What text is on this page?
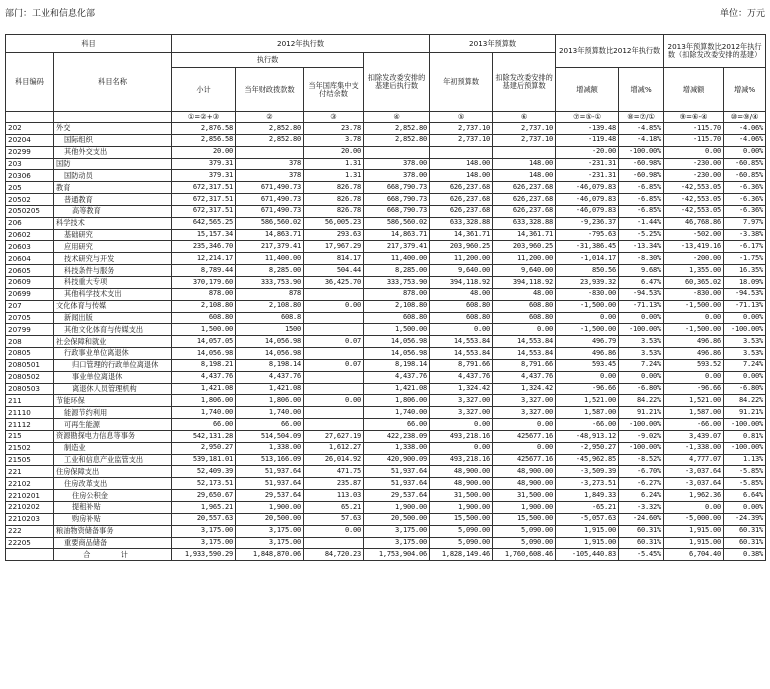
部门：工业和信息化部	单位：万元
科目		2012年执行数				2013年预算数		2013年预算数比2012年执行数		2013年预算数比2012年执行数（扣除发改委安排的基建）	
科目编码	科目名称	执行数			扣除发改委安排的基建后执行数	年初预算数	扣除发改委安排的基建后预算数				
		小计	当年财政拨款数	当年国库集中支付结余数				增减额	增减%	增减额	增减%
		①=②+③	②	③	④	⑤	⑥	⑦=⑤-①	⑧=⑦/①	⑨=⑥-④	⑩=⑨/④
202	外交	2,876.58	2,852.80	23.78	2,852.80	2,737.10	2,737.10	-139.48	-4.85%	-115.70	-4.06%
20204	国际组织	2,856.58	2,852.80	3.78	2,852.80	2,737.10	2,737.10	-119.48	-4.18%	-115.70	-4.06%
20299	其他外交支出	20.00		20.00				-20.00	-100.00%	0.00	0.00%
203	国防	379.31	378	1.31	378.00	148.00	148.00	-231.31	-60.98%	-230.00	-60.85%
20306	国防动员	379.31	378	1.31	378.00	148.00	148.00	-231.31	-60.98%	-230.00	-60.85%
205	教育	672,317.51	671,490.73	826.78	668,790.73	626,237.68	626,237.68	-46,079.83	-6.85%	-42,553.05	-6.36%
20502	普通教育	672,317.51	671,490.73	826.78	668,790.73	626,237.68	626,237.68	-46,079.83	-6.85%	-42,553.05	-6.36%
2050205	高等教育	672,317.51	671,490.73	826.78	668,790.73	626,237.68	626,237.68	-46,079.83	-6.85%	-42,553.05	-6.36%
206	科学技术	642,565.25	586,560.02	56,005.23	586,560.02	633,328.88	633,328.88	-9,236.37	-1.44%	46,768.86	7.97%
20602	基础研究	15,157.34	14,863.71	293.63	14,863.71	14,361.71	14,361.71	-795.63	-5.25%	-502.00	-3.38%
20603	应用研究	235,346.70	217,379.41	17,967.29	217,379.41	203,960.25	203,960.25	-31,386.45	-13.34%	-13,419.16	-6.17%
20604	技术研究与开发	12,214.17	11,400.00	814.17	11,400.00	11,200.00	11,200.00	-1,014.17	-8.30%	-200.00	-1.75%
20605	科技条件与服务	8,789.44	8,285.00	504.44	8,285.00	9,640.00	9,640.00	850.56	9.68%	1,355.00	16.35%
20609	科技重大专项	370,179.60	333,753.90	36,425.70	333,753.90	394,118.92	394,118.92	23,939.32	6.47%	60,365.02	18.09%
20699	其他科学技术支出	878.00	878		878.00	48.00	48.00	-830.00	-94.53%	-830.00	-94.53%
207	文化体育与传媒	2,108.80	2,108.80	0.00	2,108.80	608.80	608.80	-1,500.00	-71.13%	-1,500.00	-71.13%
20705	新闻出版	608.80	608.8		608.80	608.80	608.80	0.00	0.00%	0.00	0.00%
20799	其他文化体育与传媒支出	1,500.00	1500		1,500.00	0.00	0.00	-1,500.00	-100.00%	-1,500.00	-100.00%
208	社会保障和就业	14,057.05	14,056.98	0.07	14,056.98	14,553.84	14,553.84	496.79	3.53%	496.86	3.53%
20805	行政事业单位离退休	14,056.98	14,056.98		14,056.98	14,553.84	14,553.84	496.86	3.53%	496.86	3.53%
2080501	归口管理的行政单位离退休	8,198.21	8,198.14	0.07	8,198.14	8,791.66	8,791.66	593.45	7.24%	593.52	7.24%
2080502	事业单位离退休	4,437.76	4,437.76		4,437.76	4,437.76	4,437.76	0.00	0.00%	0.00	0.00%
2080503	离退休人员管理机构	1,421.08	1,421.08		1,421.08	1,324.42	1,324.42	-96.66	-6.80%	-96.66	-6.80%
211	节能环保	1,806.00	1,806.00	0.00	1,806.00	3,327.00	3,327.00	1,521.00	84.22%	1,521.00	84.22%
21110	能源节约利用	1,740.00	1,740.00		1,740.00	3,327.00	3,327.00	1,587.00	91.21%	1,587.00	91.21%
21112	可再生能源	66.00	66.00		66.00	0.00	0.00	-66.00	-100.00%	-66.00	-100.00%
215	资源勘探电力信息等事务	542,131.28	514,504.09	27,627.19	422,238.09	493,218.16	425677.16	-48,913.12	-9.02%	3,439.07	0.81%
21502	制造业	2,950.27	1,338.00	1,612.27	1,338.00	0.00	0.00	-2,950.27	-100.00%	-1,338.00	-100.00%
21505	工业和信息产业监管支出	539,181.01	513,166.09	26,014.92	420,900.09	493,218.16	425677.16	-45,962.85	-8.52%	4,777.07	1.13%
221	住房保障支出	52,409.39	51,937.64	471.75	51,937.64	48,900.00	48,900.00	-3,509.39	-6.70%	-3,037.64	-5.85%
22102	住房改革支出	52,173.51	51,937.64	235.87	51,937.64	48,900.00	48,900.00	-3,273.51	-6.27%	-3,037.64	-5.85%
2210201	住房公积金	29,650.67	29,537.64	113.03	29,537.64	31,500.00	31,500.00	1,849.33	6.24%	1,962.36	6.64%
2210202	提租补贴	1,965.21	1,900.00	65.21	1,900.00	1,900.00	1,900.00	-65.21	-3.32%	0.00	0.00%
2210203	购房补贴	20,557.63	20,500.00	57.63	20,500.00	15,500.00	15,500.00	-5,057.63	-24.60%	-5,000.00	-24.39%
222	粮油物资储备事务	3,175.00	3,175.00	0.00	3,175.00	5,090.00	5,090.00	1,915.00	60.31%	1,915.00	60.31%
22205	重要商品储备	3,175.00	3,175.00		3,175.00	5,090.00	5,090.00	1,915.00	60.31%	1,915.00	60.31%
	合 计	1,933,590.29	1,848,870.06	84,720.23	1,753,904.06	1,828,149.46	1,760,608.46	-105,440.83	-5.45%	6,704.40	0.38%
